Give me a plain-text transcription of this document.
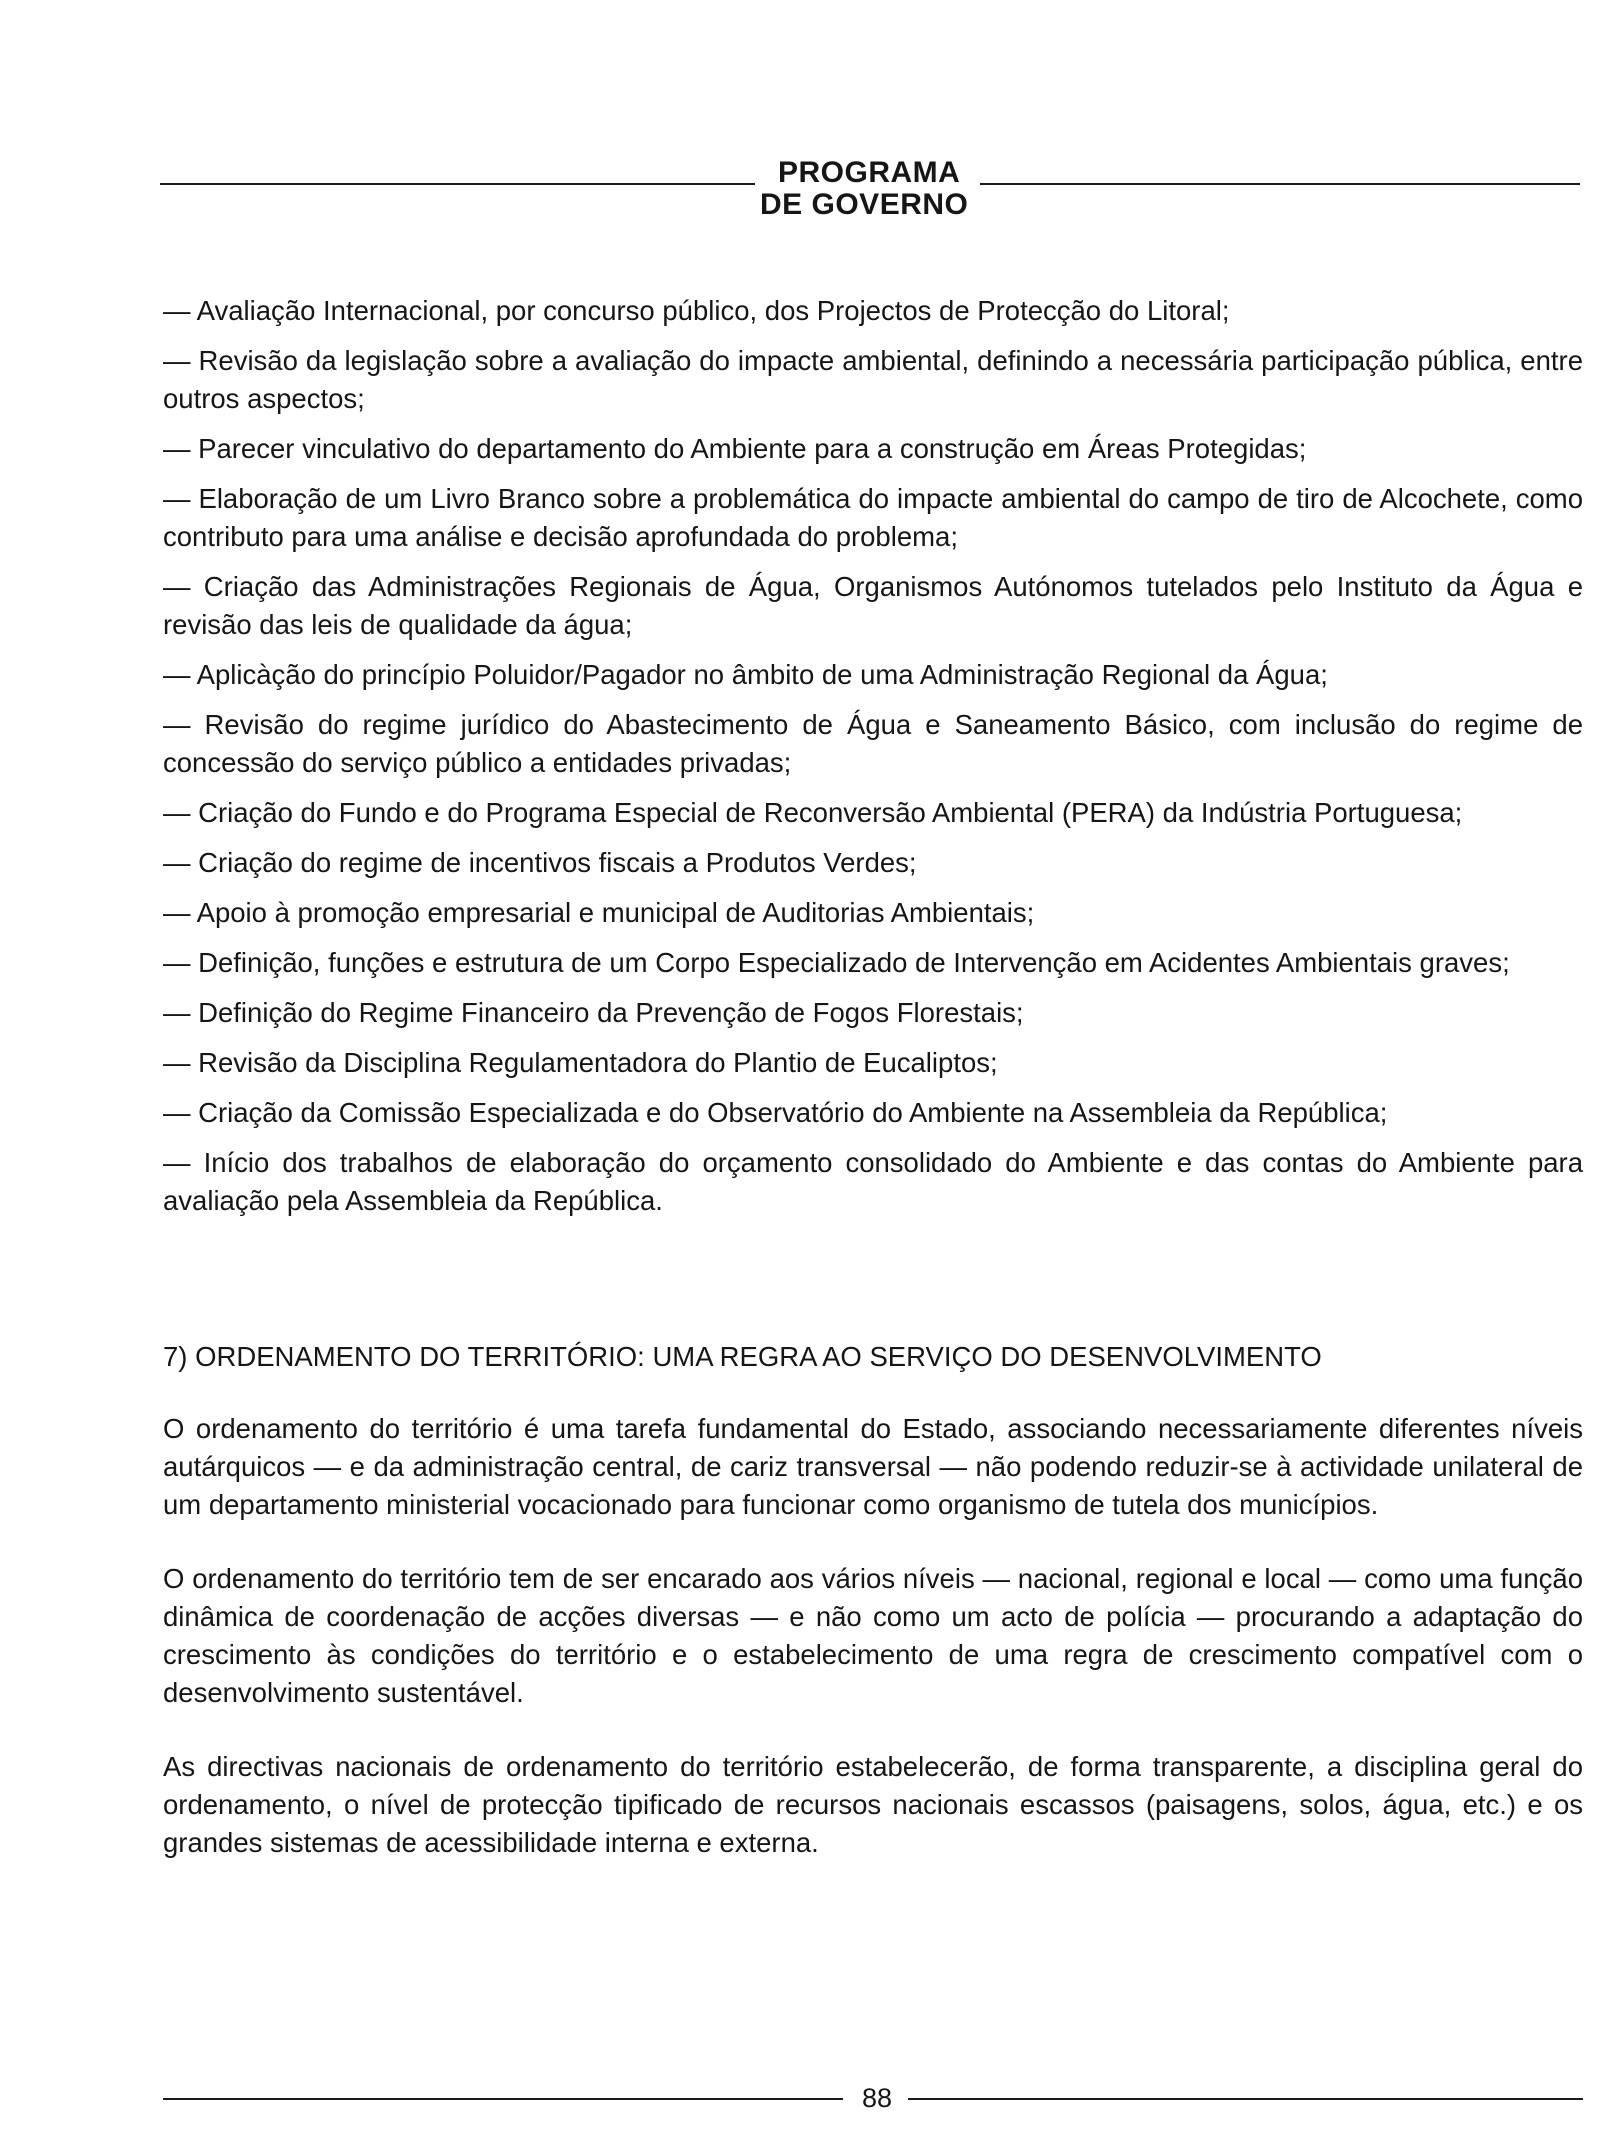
PROGRAMA
DE GOVERNO

— Avaliação Internacional, por concurso público, dos Projectos de Protecção do Litoral;

— Revisão da legislação sobre a avaliação do impacte ambiental, definindo a necessária participação pública, entre outros aspectos;

— Parecer vinculativo do departamento do Ambiente para a construção em Áreas Protegidas;

— Elaboração de um Livro Branco sobre a problemática do impacte ambiental do campo de tiro de Alcochete, como contributo para uma análise e decisão aprofundada do problema;

— Criação das Administrações Regionais de Água, Organismos Autónomos tutelados pelo Instituto da Água e revisão das leis de qualidade da água;

— Aplicàção do princípio Poluidor/Pagador no âmbito de uma Administração Regional da Água;

— Revisão do regime jurídico do Abastecimento de Água e Saneamento Básico, com inclusão do regime de concessão do serviço público a entidades privadas;

— Criação do Fundo e do Programa Especial de Reconversão Ambiental (PERA) da Indústria Portuguesa;

— Criação do regime de incentivos fiscais a Produtos Verdes;

— Apoio à promoção empresarial e municipal de Auditorias Ambientais;

— Definição, funções e estrutura de um Corpo Especializado de Intervenção em Acidentes Ambientais graves;

— Definição do Regime Financeiro da Prevenção de Fogos Florestais;

— Revisão da Disciplina Regulamentadora do Plantio de Eucaliptos;

— Criação da Comissão Especializada e do Observatório do Ambiente na Assembleia da República;

— Início dos trabalhos de elaboração do orçamento consolidado do Ambiente e das contas do Ambiente para avaliação pela Assembleia da República.

7) ORDENAMENTO DO TERRITÓRIO: UMA REGRA AO SERVIÇO DO DESENVOLVIMENTO

O ordenamento do território é uma tarefa fundamental do Estado, associando necessariamente diferentes níveis autárquicos — e da administração central, de cariz transversal — não podendo reduzir-se à actividade unilateral de um departamento ministerial vocacionado para funcionar como organismo de tutela dos municípios.

O ordenamento do território tem de ser encarado aos vários níveis — nacional, regional e local — como uma função dinâmica de coordenação de acções diversas — e não como um acto de polícia — procurando a adaptação do crescimento às condições do território e o estabelecimento de uma regra de crescimento compatível com o desenvolvimento sustentável.

As directivas nacionais de ordenamento do território estabelecerão, de forma transparente, a disciplina geral do ordenamento, o nível de protecção tipificado de recursos nacionais escassos (paisagens, solos, água, etc.) e os grandes sistemas de acessibilidade interna e externa.

88
